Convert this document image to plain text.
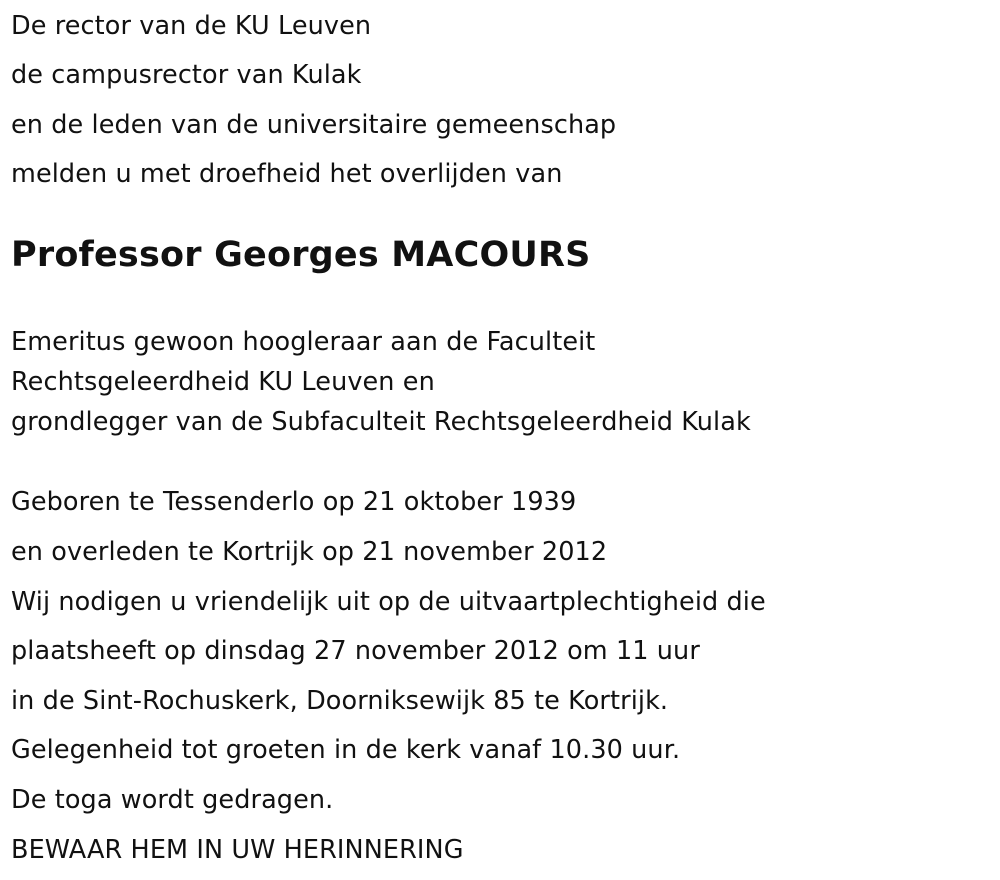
De rector van de KU Leuven

de campusrector van Kulak

en de leden van de universitaire gemeenschap

melden u met droefheid het overlijden van

Professor Georges MACOURS

Emeritus gewoon hoogleraar aan de Faculteit

Rechtsgeleerdheid KU Leuven en

grondlegger van de Subfaculteit Rechtsgeleerdheid Kulak

Geboren te Tessenderlo op 21 oktober 1939

en overleden te Kortrijk op 21 november 2012

Wij nodigen u vriendelijk uit op de uitvaartplechtigheid die

plaatsheeft op dinsdag 27 november 2012 om 11 uur

in de Sint-Rochuskerk, Doorniksewijk 85 te Kortrijk.

Gelegenheid tot groeten in de kerk vanaf 10.30 uur.

De toga wordt gedragen.

BEWAAR HEM IN UW HERINNERING
